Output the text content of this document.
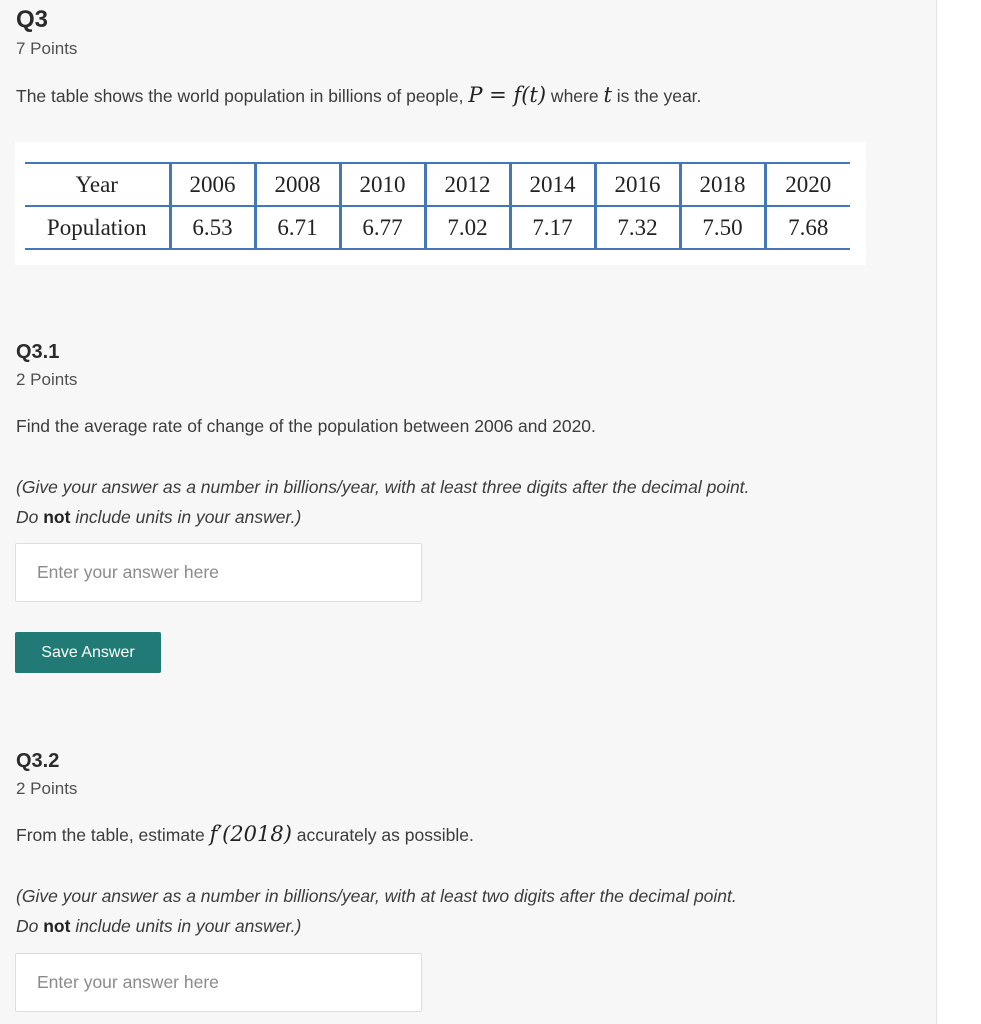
Q3
7 Points
The table shows the world population in billions of people, P = f(t) where t is the year.
Year	2006	2008	2010	2012	2014	2016	2018	2020
Population	6.53	6.71	6.77	7.02	7.17	7.32	7.50	7.68
Q3.1
2 Points
Find the average rate of change of the population between 2006 and 2020.
(Give your answer as a number in billions/year, with at least three digits after the decimal point.
Do not include units in your answer.)
Enter your answer here
Save Answer
Q3.2
2 Points
From the table, estimate f′(2018) accurately as possible.
(Give your answer as a number in billions/year, with at least two digits after the decimal point.
Do not include units in your answer.)
Enter your answer here
